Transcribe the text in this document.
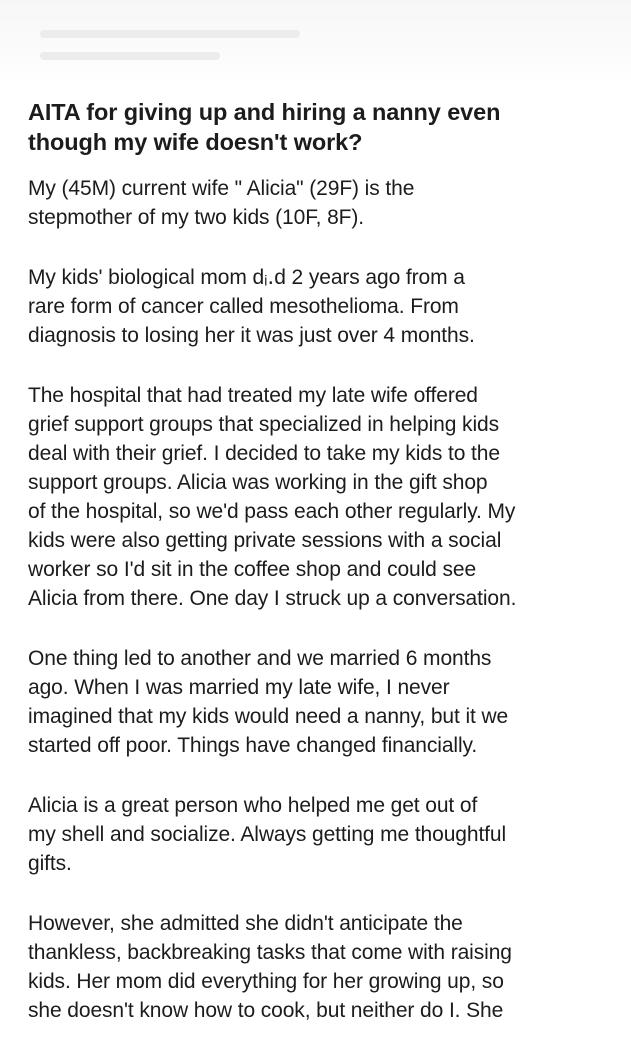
AITA for giving up and hiring a nanny even
though my wife doesn't work?

My (45M) current wife " Alicia" (29F) is the
stepmother of my two kids (10F, 8F).

My kids' biological mom dᵢ․d 2 years ago from a
rare form of cancer called mesothelioma. From
diagnosis to losing her it was just over 4 months.

The hospital that had treated my late wife offered
grief support groups that specialized in helping kids
deal with their grief. I decided to take my kids to the
support groups. Alicia was working in the gift shop
of the hospital, so we'd pass each other regularly. My
kids were also getting private sessions with a social
worker so I'd sit in the coffee shop and could see
Alicia from there. One day I struck up a conversation.

One thing led to another and we married 6 months
ago. When I was married my late wife, I never
imagined that my kids would need a nanny, but it we
started off poor. Things have changed financially.

Alicia is a great person who helped me get out of
my shell and socialize. Always getting me thoughtful
gifts.

However, she admitted she didn't anticipate the
thankless, backbreaking tasks that come with raising
kids. Her mom did everything for her growing up, so
she doesn't know how to cook, but neither do I. She
